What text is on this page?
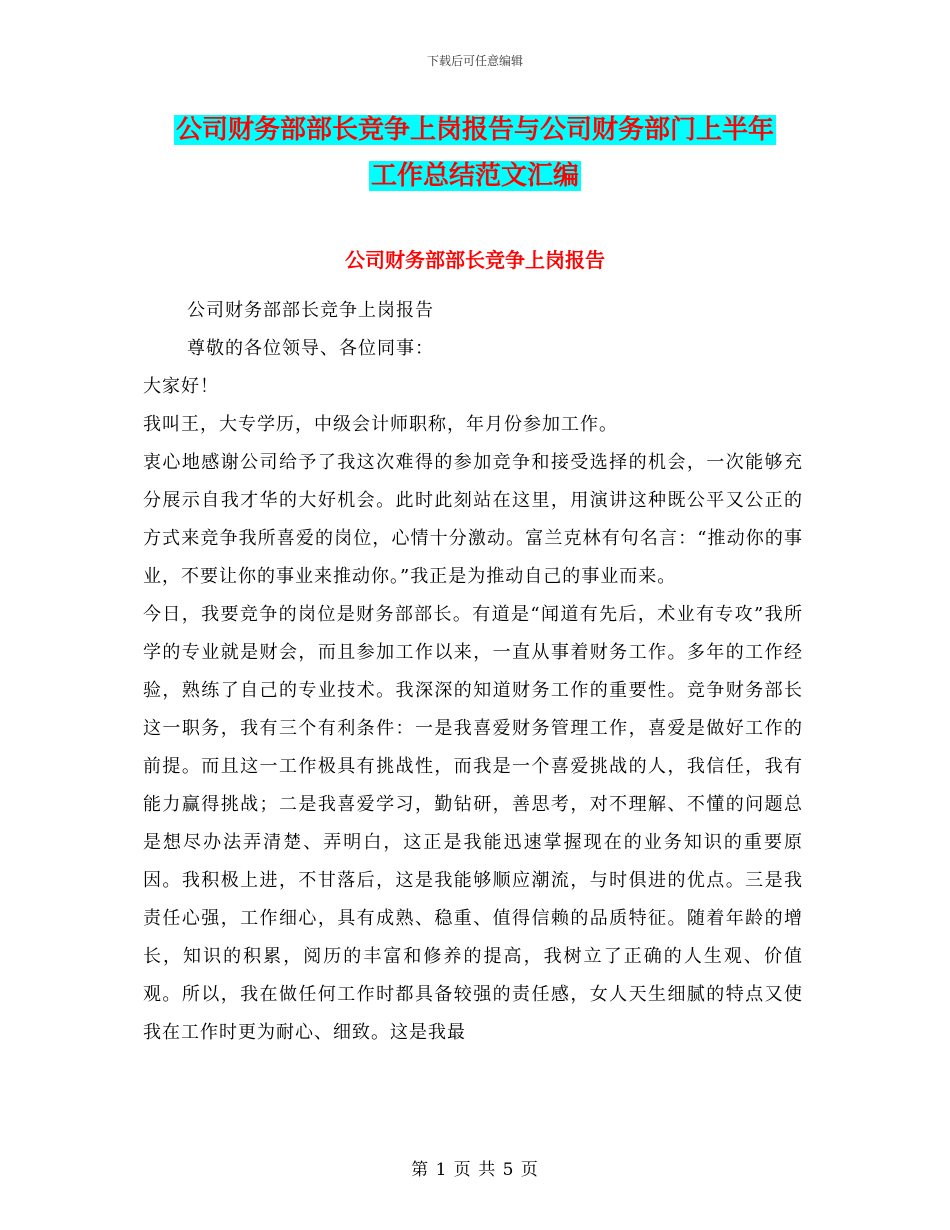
下载后可任意编辑
公司财务部部长竞争上岗报告与公司财务部门上半年
工作总结范文汇编
公司财务部部长竞争上岗报告

公司财务部部长竞争上岗报告

尊敬的各位领导、各位同事：

大家好！

我叫王，大专学历，中级会计师职称，年月份参加工作。

衷心地感谢公司给予了我这次难得的参加竞争和接受选择的机会，一次能够充分展示自我才华的大好机会。此时此刻站在这里，用演讲这种既公平又公正的方式来竞争我所喜爱的岗位，心情十分激动。富兰克林有句名言：“推动你的事业，不要让你的事业来推动你。”我正是为推动自己的事业而来。

今日，我要竞争的岗位是财务部部长。有道是“闻道有先后，术业有专攻”我所学的专业就是财会，而且参加工作以来，一直从事着财务工作。多年的工作经验，熟练了自己的专业技术。我深深的知道财务工作的重要性。竞争财务部长这一职务，我有三个有利条件：一是我喜爱财务管理工作，喜爱是做好工作的前提。而且这一工作极具有挑战性，而我是一个喜爱挑战的人，我信任，我有能力赢得挑战；二是我喜爱学习，勤钻研，善思考，对不理解、不懂的问题总是想尽办法弄清楚、弄明白，这正是我能迅速掌握现在的业务知识的重要原因。我积极上进，不甘落后，这是我能够顺应潮流，与时俱进的优点。三是我责任心强，工作细心，具有成熟、稳重、值得信赖的品质特征。随着年龄的增长，知识的积累，阅历的丰富和修养的提高，我树立了正确的人生观、价值观。所以，我在做任何工作时都具备较强的责任感，女人天生细腻的特点又使我在工作时更为耐心、细致。这是我最

第 1 页 共 5 页
